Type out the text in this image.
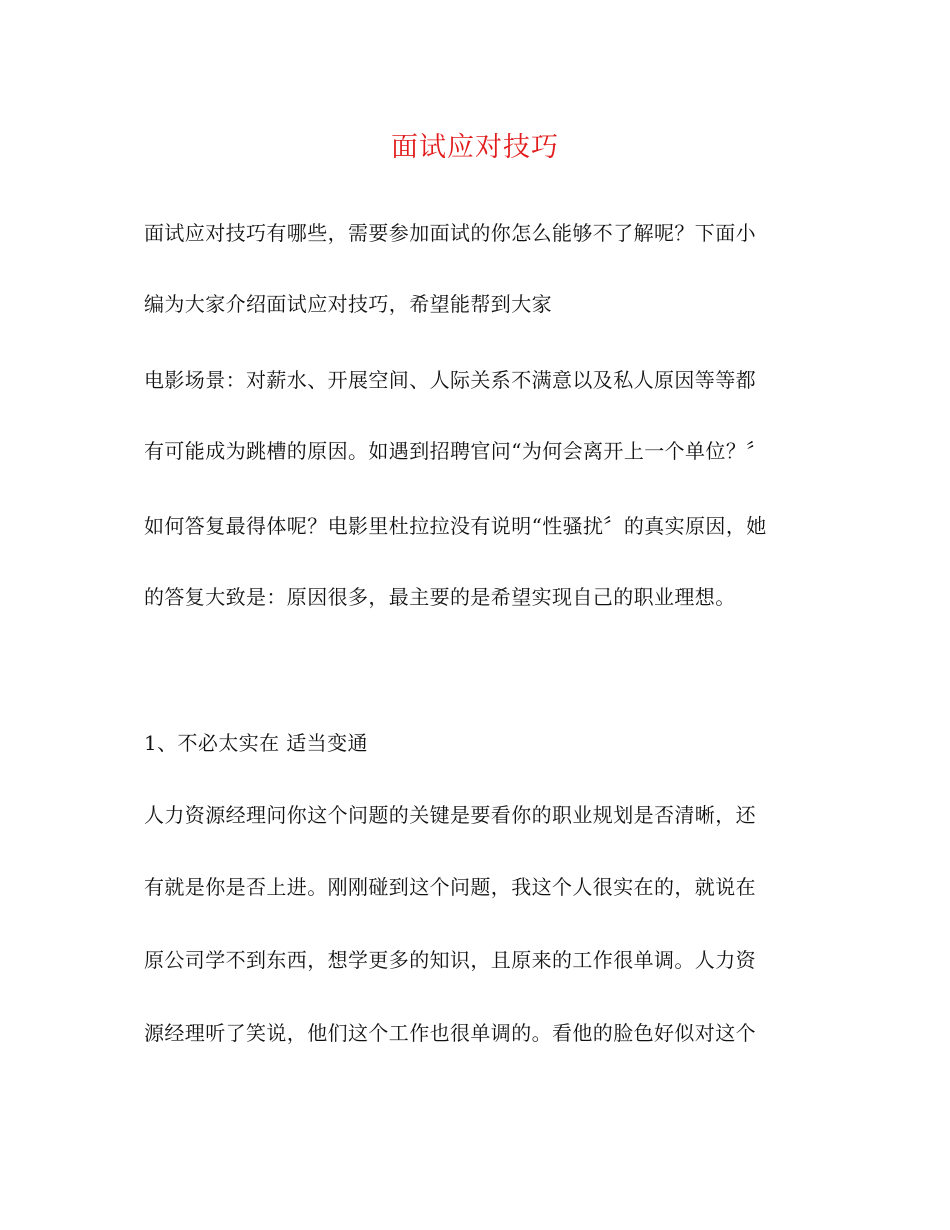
面试应对技巧
面试应对技巧有哪些，需要参加面试的你怎么能够不了解呢？下面小
编为大家介绍面试应对技巧，希望能帮到大家
电影场景：对薪水、开展空间、人际关系不满意以及私人原因等等都
有可能成为跳槽的原因。如遇到招聘官问“为何会离开上一个单位？〞
如何答复最得体呢？电影里杜拉拉没有说明“性骚扰〞的真实原因，她
的答复大致是：原因很多，最主要的是希望实现自己的职业理想。
1、不必太实在 适当变通
人力资源经理问你这个问题的关键是要看你的职业规划是否清晰，还
有就是你是否上进。刚刚碰到这个问题，我这个人很实在的，就说在
原公司学不到东西，想学更多的知识，且原来的工作很单调。人力资
源经理听了笑说，他们这个工作也很单调的。看他的脸色好似对这个
